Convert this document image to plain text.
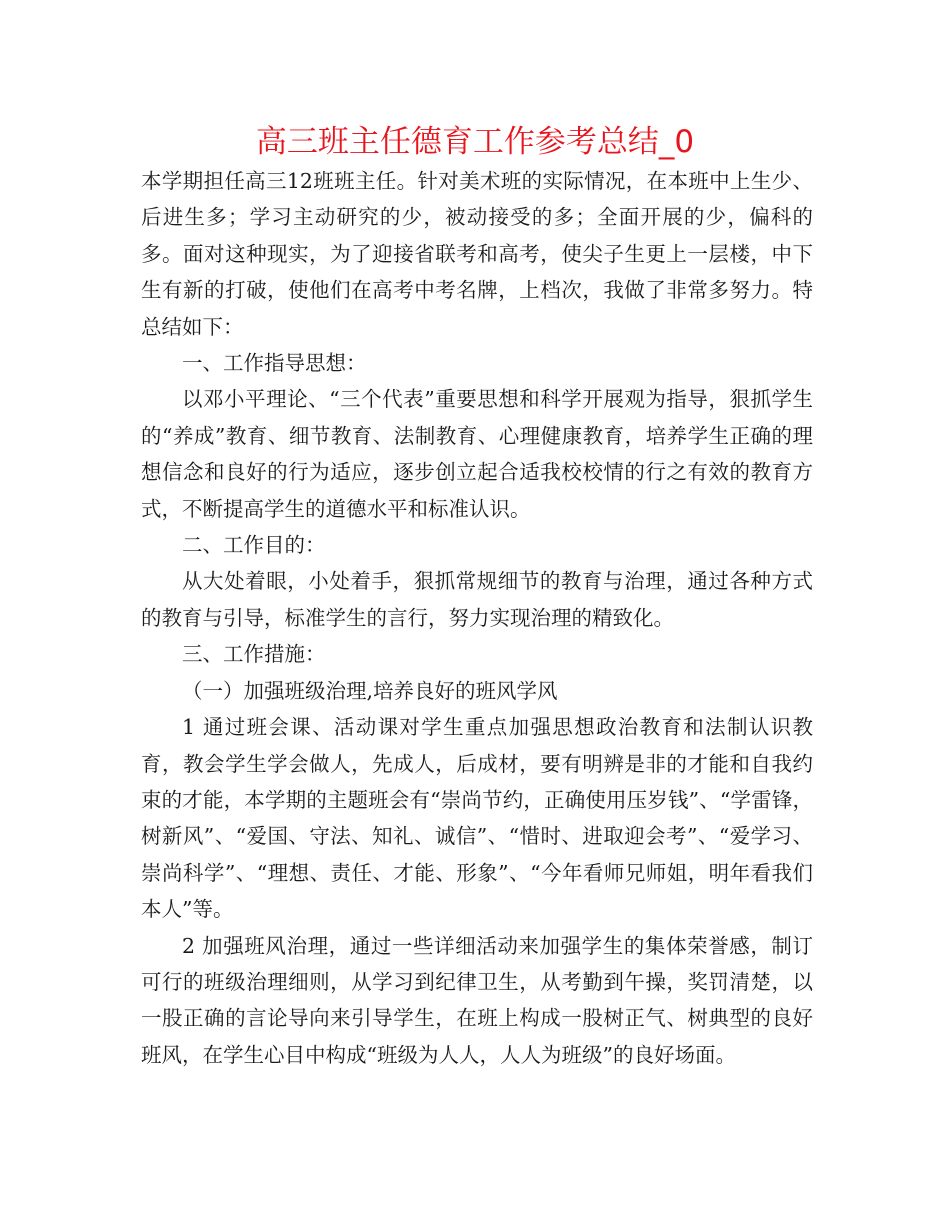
高三班主任德育工作参考总结_0

本学期担任高三12班班主任。针对美术班的实际情况，在本班中上生少、后进生多；学习主动研究的少，被动接受的多；全面开展的少，偏科的多。面对这种现实，为了迎接省联考和高考，使尖子生更上一层楼，中下生有新的打破，使他们在高考中考名牌，上档次，我做了非常多努力。特总结如下：

一、工作指导思想：

以邓小平理论、“三个代表”重要思想和科学开展观为指导，狠抓学生的“养成”教育、细节教育、法制教育、心理健康教育，培养学生正确的理想信念和良好的行为适应，逐步创立起合适我校校情的行之有效的教育方式，不断提高学生的道德水平和标准认识。

二、工作目的：

从大处着眼，小处着手，狠抓常规细节的教育与治理，通过各种方式的教育与引导，标准学生的言行，努力实现治理的精致化。

三、工作措施：

（一）加强班级治理,培养良好的班风学风

1 通过班会课、活动课对学生重点加强思想政治教育和法制认识教育，教会学生学会做人，先成人，后成材，要有明辨是非的才能和自我约束的才能，本学期的主题班会有“崇尚节约，正确使用压岁钱”、“学雷锋，树新风”、“爱国、守法、知礼、诚信”、“惜时、进取迎会考”、“爱学习、崇尚科学”、“理想、责任、才能、形象”、“今年看师兄师姐，明年看我们本人”等。

2 加强班风治理，通过一些详细活动来加强学生的集体荣誉感，制订可行的班级治理细则，从学习到纪律卫生，从考勤到午操，奖罚清楚，以一股正确的言论导向来引导学生，在班上构成一股树正气、树典型的良好班风，在学生心目中构成“班级为人人，人人为班级”的良好场面。
